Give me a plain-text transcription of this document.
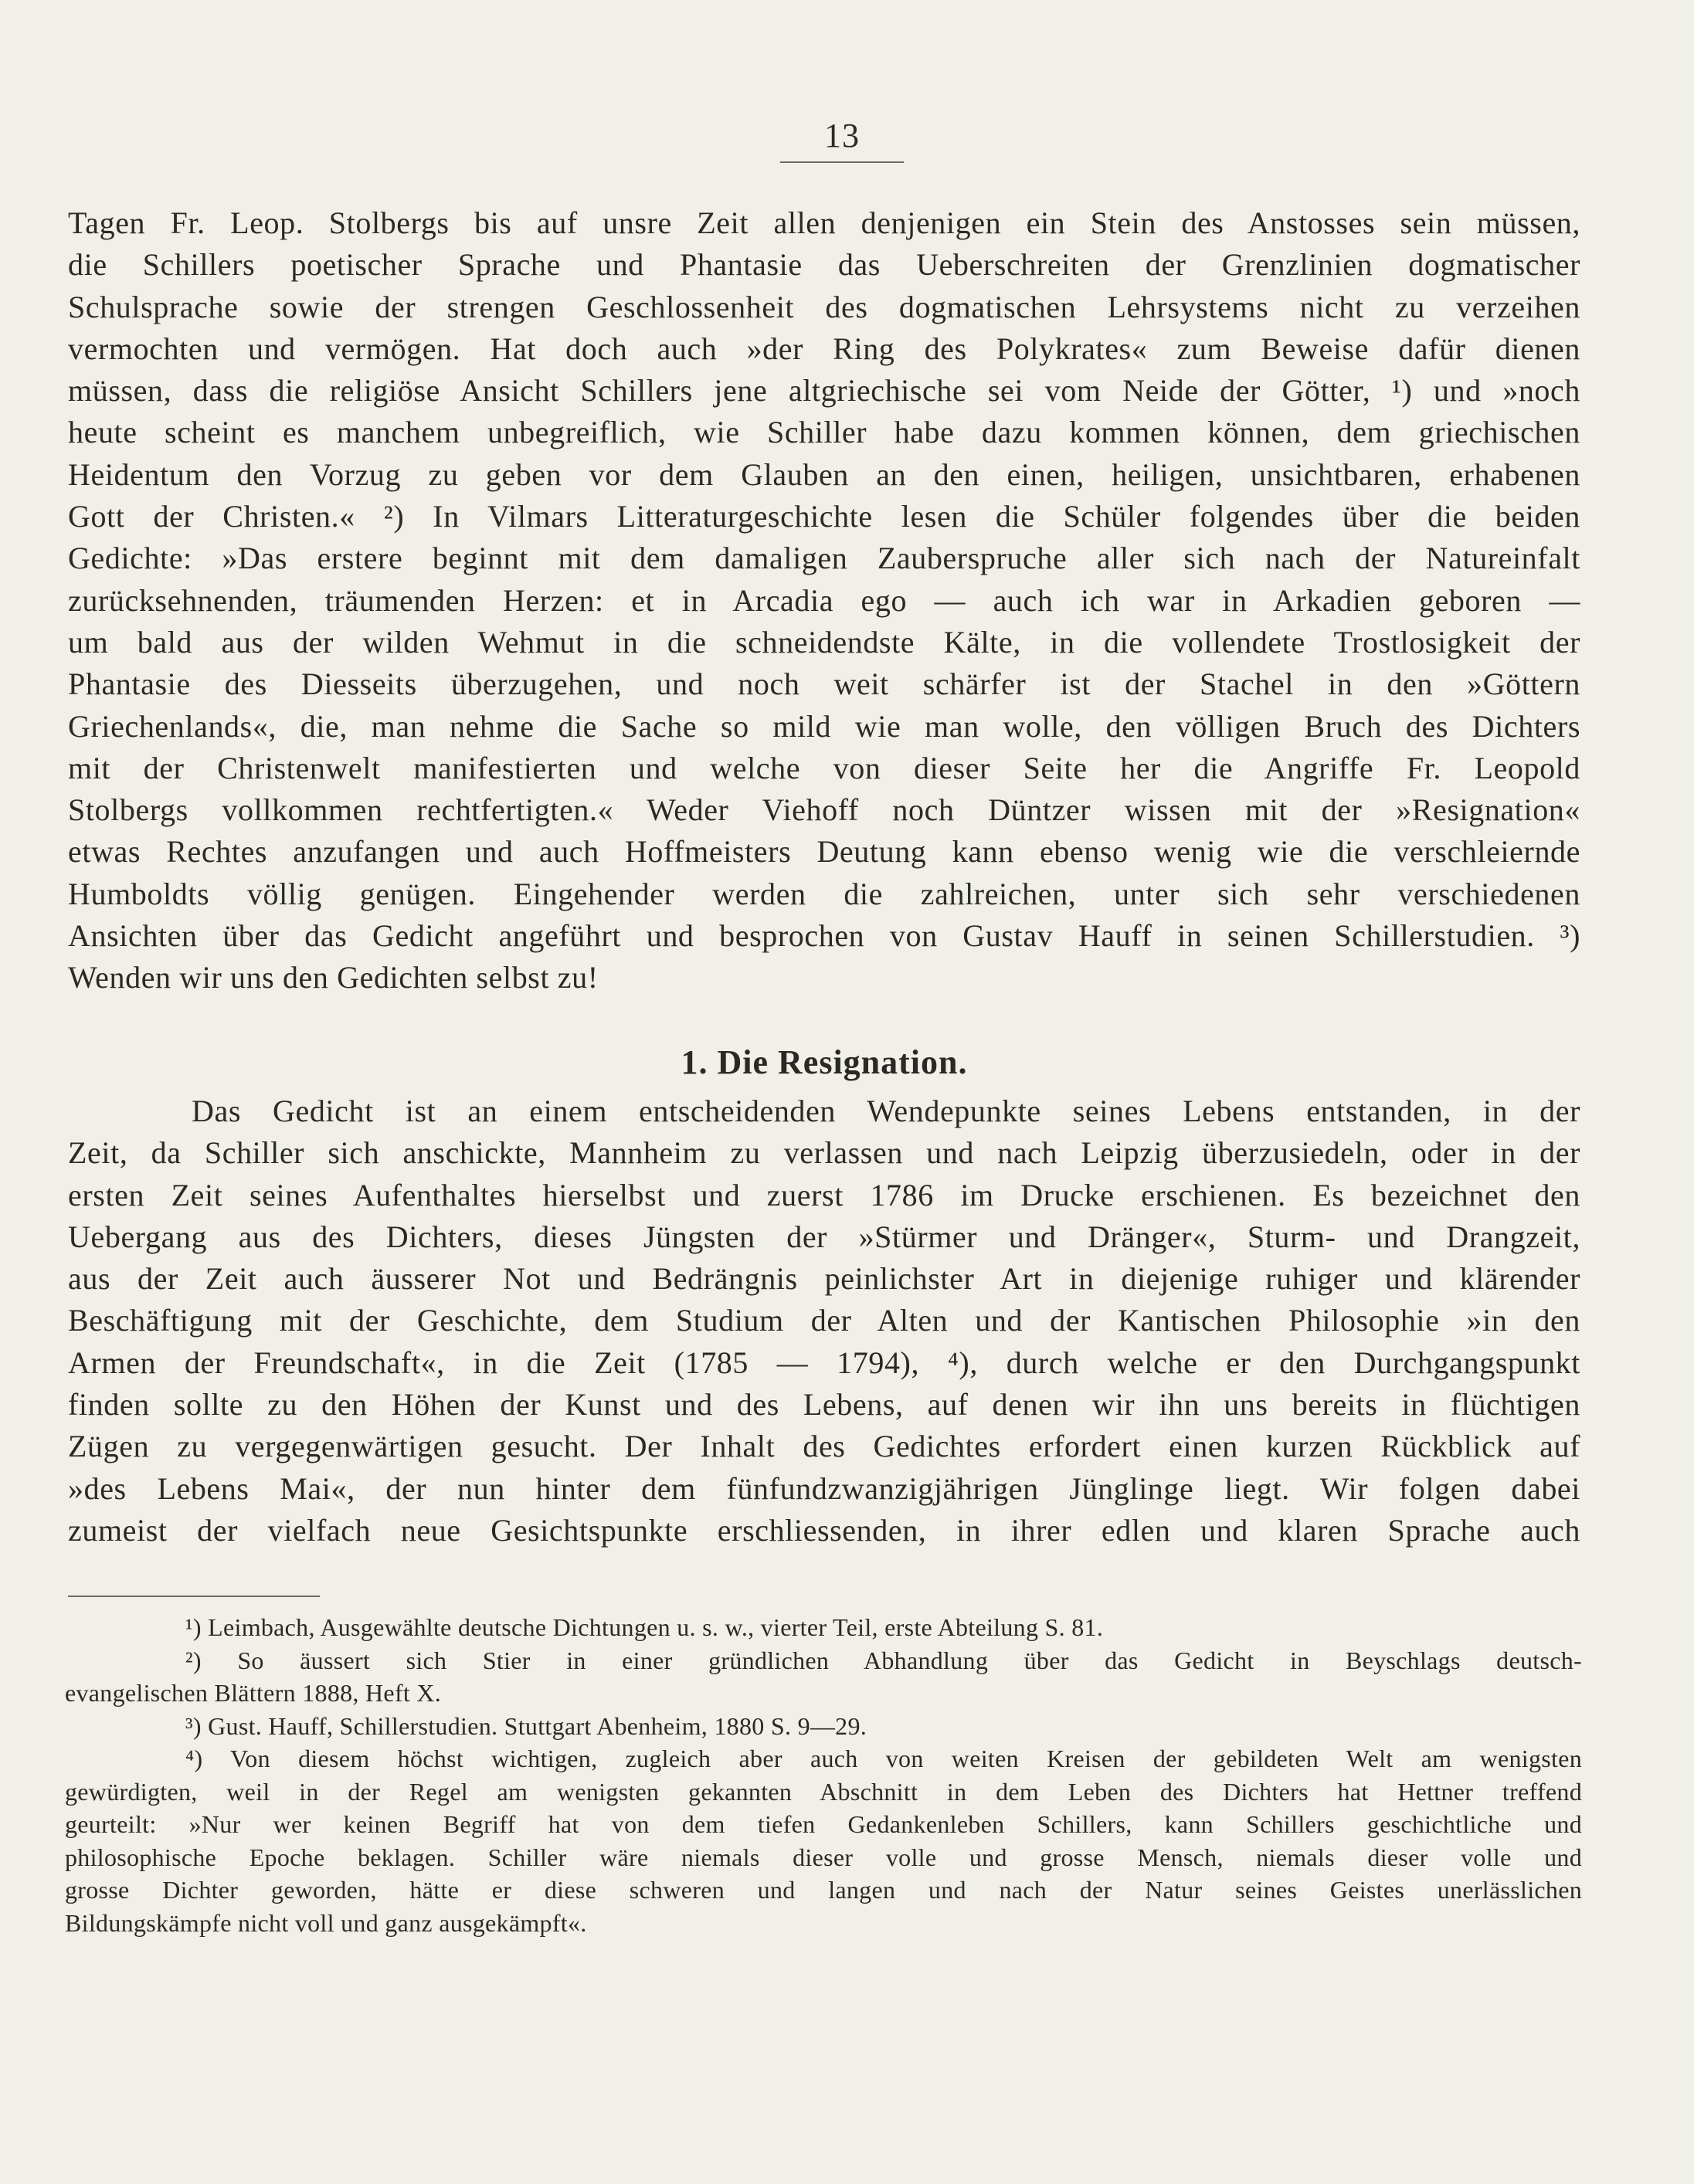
13
Tagen Fr. Leop. Stolbergs bis auf unsre Zeit allen denjenigen ein Stein des Anstosses sein müssen,
die Schillers poetischer Sprache und Phantasie das Ueberschreiten der Grenzlinien dogmatischer
Schulsprache sowie der strengen Geschlossenheit des dogmatischen Lehrsystems nicht zu verzeihen
vermochten und vermögen. Hat doch auch »der Ring des Polykrates« zum Beweise dafür dienen
müssen, dass die religiöse Ansicht Schillers jene altgriechische sei vom Neide der Götter, ¹) und »noch
heute scheint es manchem unbegreiflich, wie Schiller habe dazu kommen können, dem griechischen
Heidentum den Vorzug zu geben vor dem Glauben an den einen, heiligen, unsichtbaren, erhabenen
Gott der Christen.« ²) In Vilmars Litteraturgeschichte lesen die Schüler folgendes über die beiden
Gedichte: »Das erstere beginnt mit dem damaligen Zauberspruche aller sich nach der Natureinfalt
zurücksehnenden, träumenden Herzen: et in Arcadia ego — auch ich war in Arkadien geboren —
um bald aus der wilden Wehmut in die schneidendste Kälte, in die vollendete Trostlosigkeit der
Phantasie des Diesseits überzugehen, und noch weit schärfer ist der Stachel in den »Göttern
Griechenlands«, die, man nehme die Sache so mild wie man wolle, den völligen Bruch des Dichters
mit der Christenwelt manifestierten und welche von dieser Seite her die Angriffe Fr. Leopold
Stolbergs vollkommen rechtfertigten.« Weder Viehoff noch Düntzer wissen mit der »Resignation«
etwas Rechtes anzufangen und auch Hoffmeisters Deutung kann ebenso wenig wie die verschleiernde
Humboldts völlig genügen. Eingehender werden die zahlreichen, unter sich sehr verschiedenen
Ansichten über das Gedicht angeführt und besprochen von Gustav Hauff in seinen Schillerstudien. ³)
Wenden wir uns den Gedichten selbst zu!
1. Die Resignation.
Das Gedicht ist an einem entscheidenden Wendepunkte seines Lebens entstanden, in der
Zeit, da Schiller sich anschickte, Mannheim zu verlassen und nach Leipzig überzusiedeln, oder in der
ersten Zeit seines Aufenthaltes hierselbst und zuerst 1786 im Drucke erschienen. Es bezeichnet den
Uebergang aus des Dichters, dieses Jüngsten der »Stürmer und Dränger«, Sturm- und Drangzeit,
aus der Zeit auch äusserer Not und Bedrängnis peinlichster Art in diejenige ruhiger und klärender
Beschäftigung mit der Geschichte, dem Studium der Alten und der Kantischen Philosophie »in den
Armen der Freundschaft«, in die Zeit (1785 — 1794), ⁴), durch welche er den Durchgangspunkt
finden sollte zu den Höhen der Kunst und des Lebens, auf denen wir ihn uns bereits in flüchtigen
Zügen zu vergegenwärtigen gesucht. Der Inhalt des Gedichtes erfordert einen kurzen Rückblick auf
»des Lebens Mai«, der nun hinter dem fünfundzwanzigjährigen Jünglinge liegt. Wir folgen dabei
zumeist der vielfach neue Gesichtspunkte erschliessenden, in ihrer edlen und klaren Sprache auch
¹) Leimbach, Ausgewählte deutsche Dichtungen u. s. w., vierter Teil, erste Abteilung S. 81.
²) So äussert sich Stier in einer gründlichen Abhandlung über das Gedicht in Beyschlags deutsch-
evangelischen Blättern 1888, Heft X.
³) Gust. Hauff, Schillerstudien. Stuttgart Abenheim, 1880 S. 9—29.
⁴) Von diesem höchst wichtigen, zugleich aber auch von weiten Kreisen der gebildeten Welt am wenigsten
gewürdigten, weil in der Regel am wenigsten gekannten Abschnitt in dem Leben des Dichters hat Hettner treffend
geurteilt: »Nur wer keinen Begriff hat von dem tiefen Gedankenleben Schillers, kann Schillers geschichtliche und
philosophische Epoche beklagen. Schiller wäre niemals dieser volle und grosse Mensch, niemals dieser volle und
grosse Dichter geworden, hätte er diese schweren und langen und nach der Natur seines Geistes unerlässlichen
Bildungskämpfe nicht voll und ganz ausgekämpft«.
